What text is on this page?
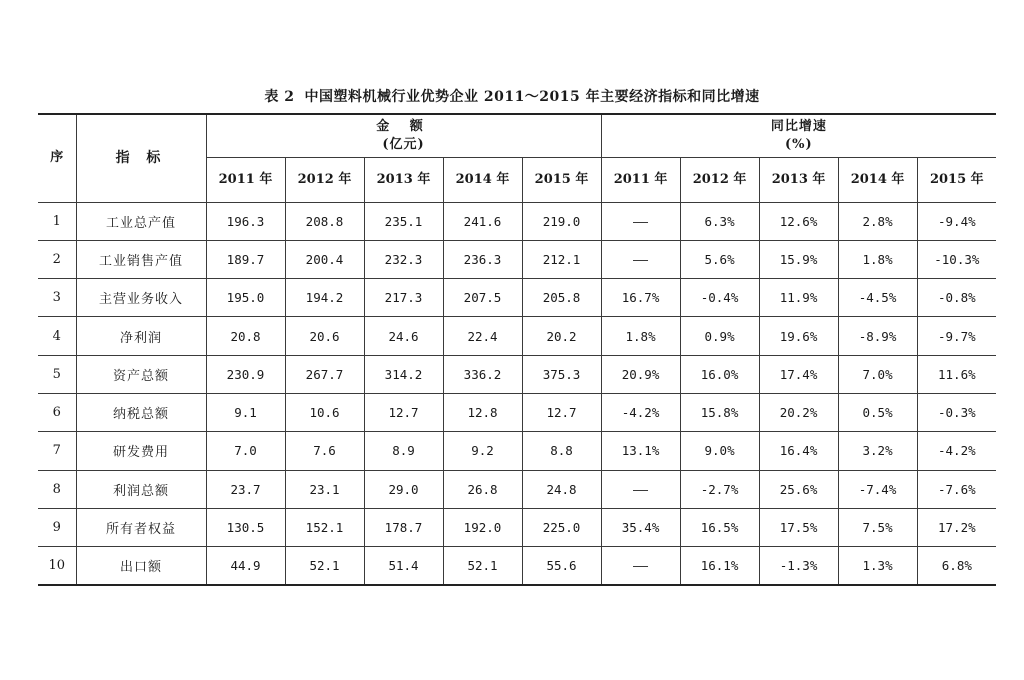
表 2 中国塑料机械行业优势企业 2011～2015 年主要经济指标和同比增速
序	指 标	金 额
(亿元)					同比增速
(%)				

		2011 年	2012 年	2013 年	2014 年	2015 年	2011 年	2012 年	2013 年	2014 年	2015 年
1	工业总产值	196.3	208.8	235.1	241.6	219.0	——	6.3%	12.6%	2.8%	-9.4%
2	工业销售产值	189.7	200.4	232.3	236.3	212.1	——	5.6%	15.9%	1.8%	-10.3%
3	主营业务收入	195.0	194.2	217.3	207.5	205.8	16.7%	-0.4%	11.9%	-4.5%	-0.8%
4	净利润	20.8	20.6	24.6	22.4	20.2	1.8%	0.9%	19.6%	-8.9%	-9.7%
5	资产总额	230.9	267.7	314.2	336.2	375.3	20.9%	16.0%	17.4%	7.0%	11.6%
6	纳税总额	9.1	10.6	12.7	12.8	12.7	-4.2%	15.8%	20.2%	0.5%	-0.3%
7	研发费用	7.0	7.6	8.9	9.2	8.8	13.1%	9.0%	16.4%	3.2%	-4.2%
8	利润总额	23.7	23.1	29.0	26.8	24.8	——	-2.7%	25.6%	-7.4%	-7.6%
9	所有者权益	130.5	152.1	178.7	192.0	225.0	35.4%	16.5%	17.5%	7.5%	17.2%
10	出口额	44.9	52.1	51.4	52.1	55.6	——	16.1%	-1.3%	1.3%	6.8%
